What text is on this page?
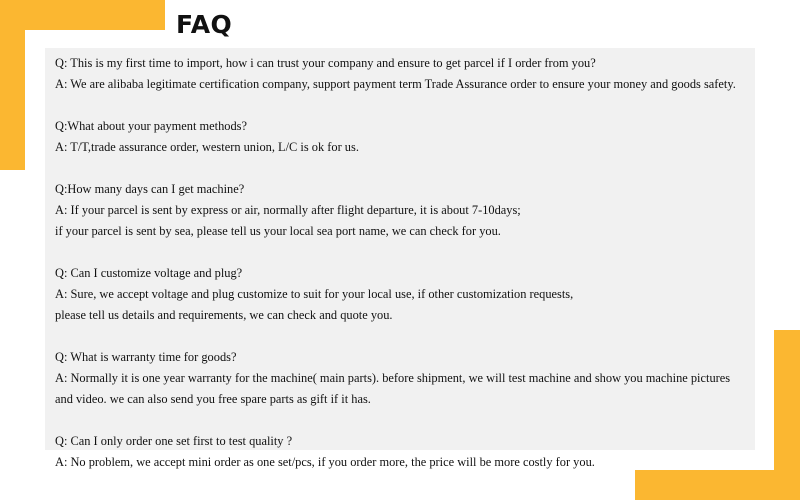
FAQ
Q: This is my first time to import, how i can trust your company and ensure to get parcel if I order from you?
A: We are alibaba legitimate certification company, support payment term Trade Assurance order to ensure your money and goods safety.
Q:What about your payment methods?
A: T/T,trade assurance order, western union, L/C is ok for us.
Q:How many days can I get machine?
A: If your parcel is sent by express or air, normally after flight departure, it is about 7-10days;
if your parcel is sent by sea, please tell us your local sea port name, we can check for you.
Q: Can I customize voltage and plug?
A: Sure, we accept voltage and plug customize to suit for your local use, if other customization requests,
please tell us details and requirements, we can check and quote you.
Q: What is warranty time for goods?
A: Normally it is one year warranty for the machine( main parts). before shipment, we will test machine and show you machine pictures
and video. we can also send you free spare parts as gift if it has.
Q: Can I only order one set first to test quality ?
A: No problem, we accept mini order as one set/pcs, if you order more, the price will be more costly for you.
